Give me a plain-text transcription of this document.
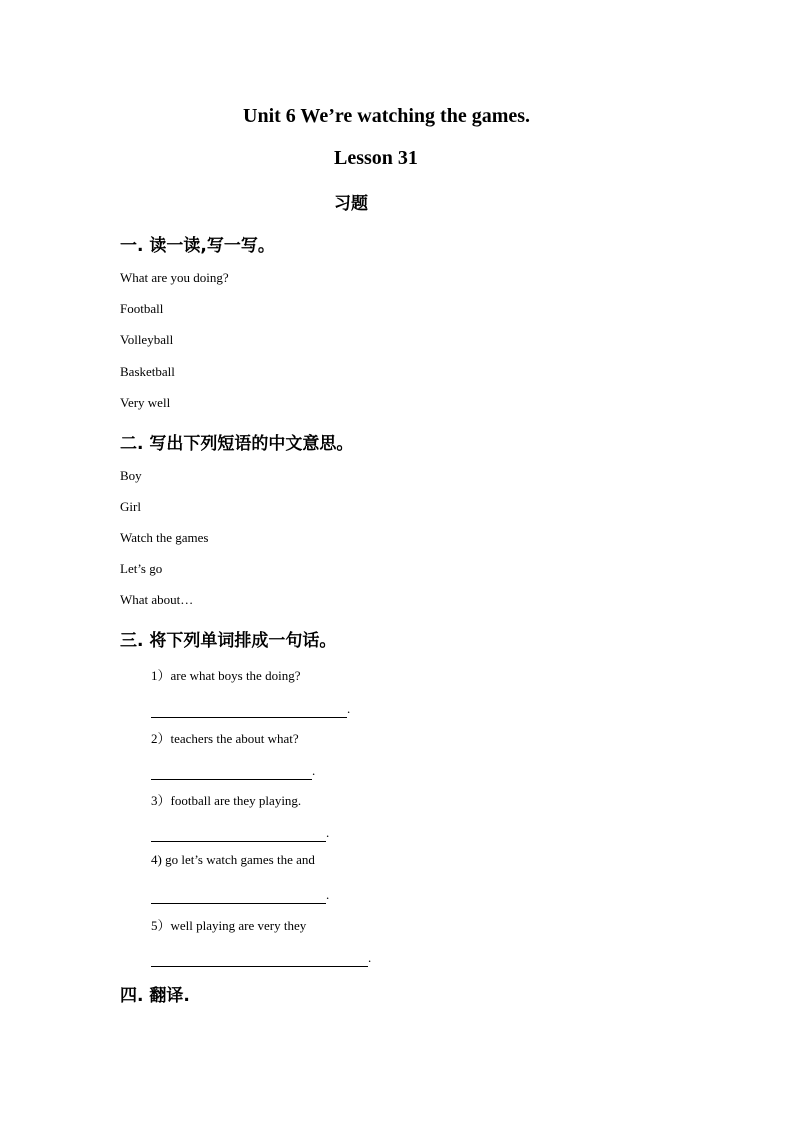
Unit 6 We’re watching the games.
Lesson 31
习题
一. 读一读,写一写。
What are you doing?
Football
Volleyball
Basketball
Very well
二. 写出下列短语的中文意思。
Boy
Girl
Watch the games
Let’s go
What about…
三. 将下列单词排成一句话。
1）are what boys the doing?
.
2）teachers the about what?
.
3）football are they playing.
.
4) go let’s watch games the and
.
5）well playing are very they
.
四. 翻译.
